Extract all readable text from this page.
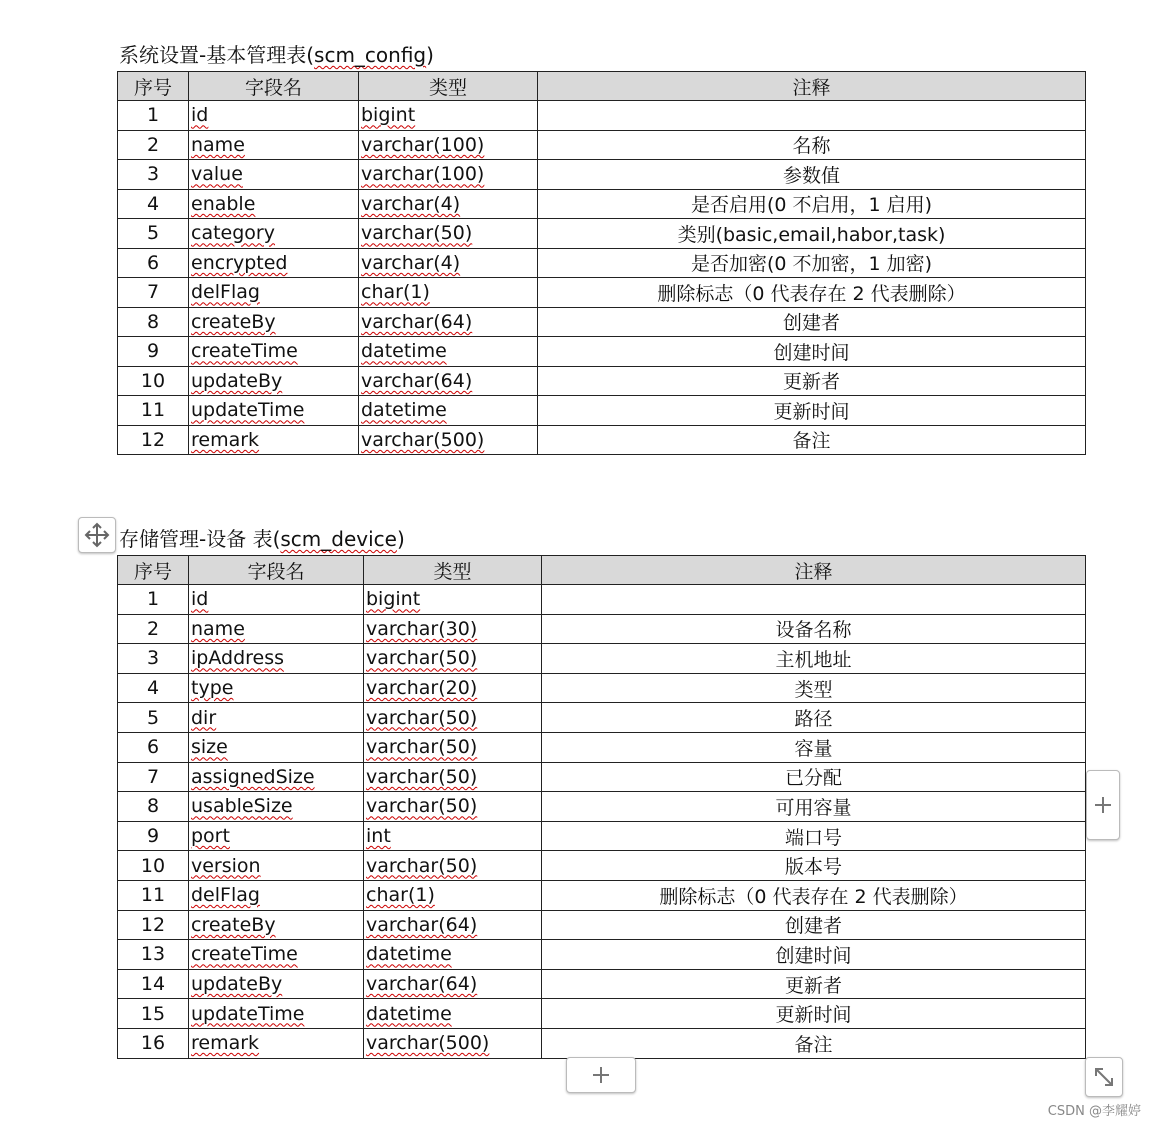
系统设置-基本管理表(scm_config)
序号	字段名	类型	注释
1	id	bigint	
2	name	varchar(100)	名称
3	value	varchar(100)	参数值
4	enable	varchar(4)	是否启用(0 不启用，1 启用)
5	category	varchar(50)	类别(basic,email,habor,task)
6	encrypted	varchar(4)	是否加密(0 不加密，1 加密)
7	delFlag	char(1)	删除标志（0 代表存在 2 代表删除）
8	createBy	varchar(64)	创建者
9	createTime	datetime	创建时间
10	updateBy	varchar(64)	更新者
11	updateTime	datetime	更新时间
12	remark	varchar(500)	备注
存储管理-设备 表(scm_device)
序号	字段名	类型	注释
1	id	bigint	
2	name	varchar(30)	设备名称
3	ipAddress	varchar(50)	主机地址
4	type	varchar(20)	类型
5	dir	varchar(50)	路径
6	size	varchar(50)	容量
7	assignedSize	varchar(50)	已分配
8	usableSize	varchar(50)	可用容量
9	port	int	端口号
10	version	varchar(50)	版本号
11	delFlag	char(1)	删除标志（0 代表存在 2 代表删除）
12	createBy	varchar(64)	创建者
13	createTime	datetime	创建时间
14	updateBy	varchar(64)	更新者
15	updateTime	datetime	更新时间
16	remark	varchar(500)	备注
CSDN @李耀婷
